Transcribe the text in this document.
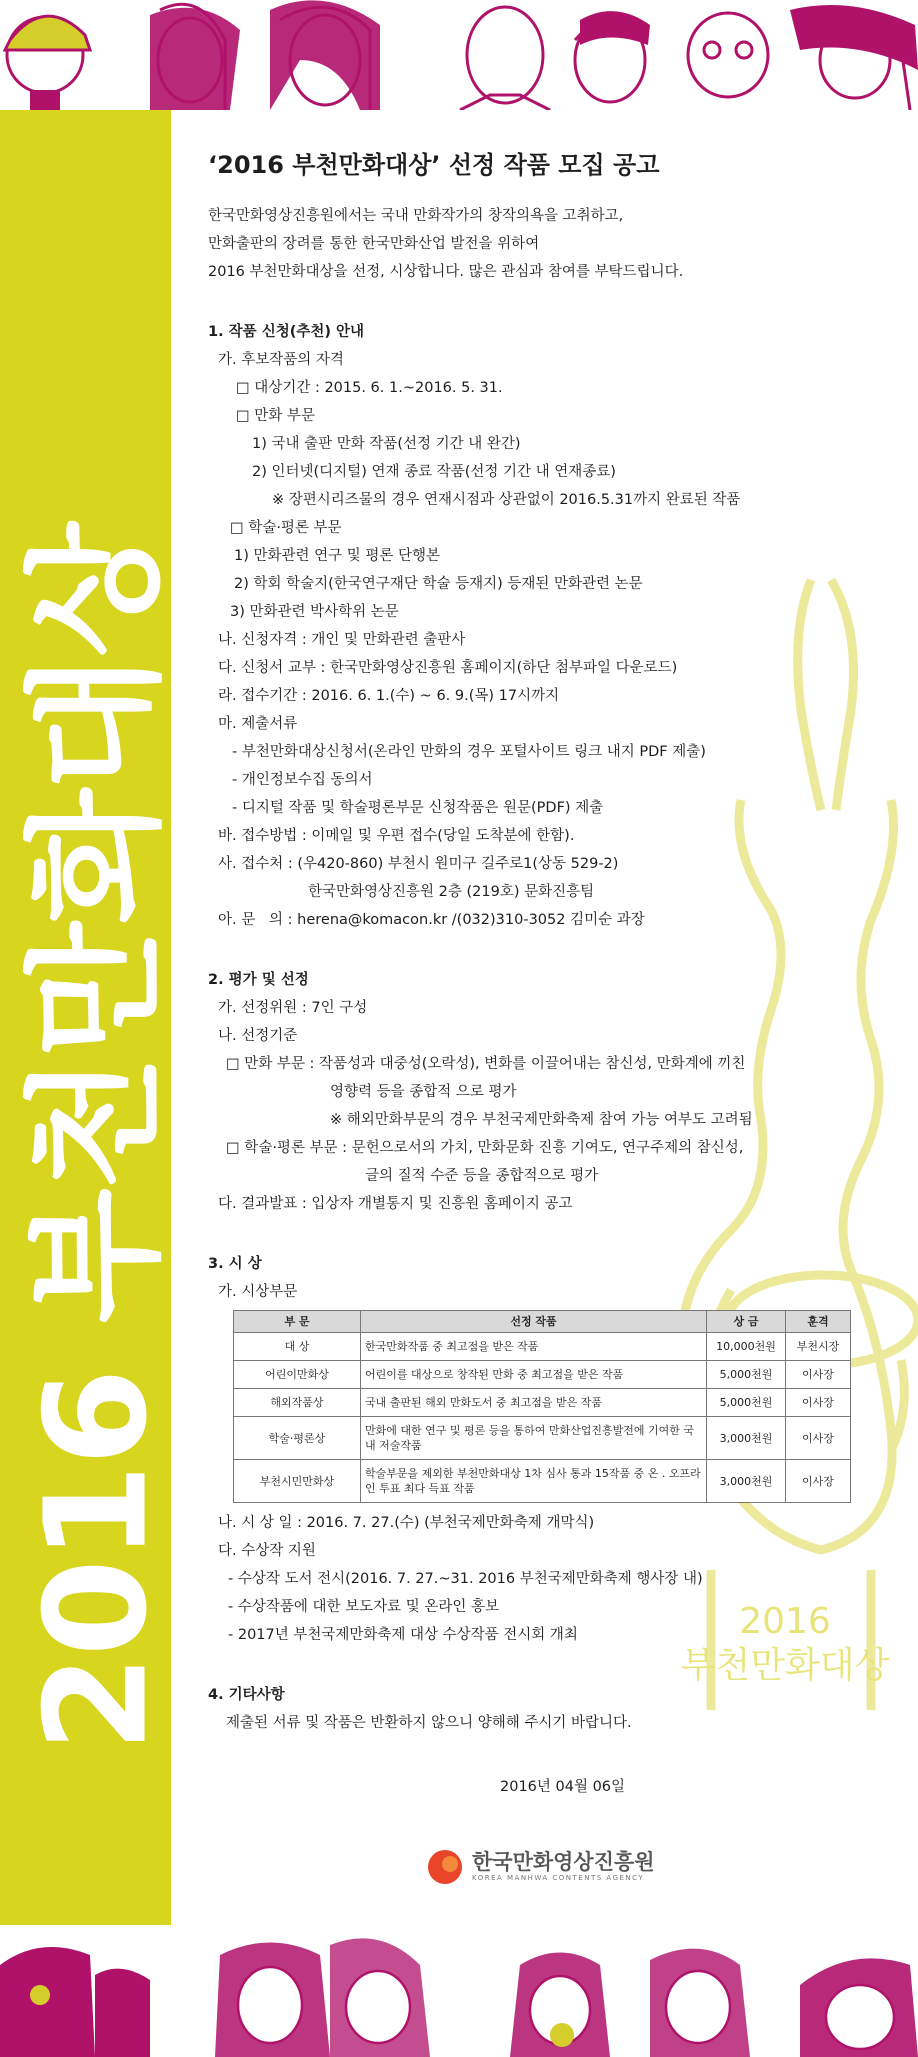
2016 부천만화대상
‘2016 부천만화대상’ 선정 작품 모집 공고
한국만화영상진흥원에서는 국내 만화작가의 창작의욕을 고취하고,
만화출판의 장려를 통한 한국만화산업 발전을 위하여
2016 부천만화대상을 선정, 시상합니다. 많은 관심과 참여를 부탁드립니다.
1. 작품 신청(추천) 안내
가. 후보작품의 자격
□ 대상기간 : 2015. 6. 1.~2016. 5. 31.
□ 만화 부문
1) 국내 출판 만화 작품(선정 기간 내 완간)
2) 인터넷(디지털) 연재 종료 작품(선정 기간 내 연재종료)
※ 장편시리즈물의 경우 연재시점과 상관없이 2016.5.31까지 완료된 작품
□ 학술·평론 부문
1) 만화관련 연구 및 평론 단행본
2) 학회 학술지(한국연구재단 학술 등재지) 등재된 만화관련 논문
3) 만화관련 박사학위 논문
나. 신청자격 : 개인 및 만화관련 출판사
다. 신청서 교부 : 한국만화영상진흥원 홈페이지(하단 첨부파일 다운로드)
라. 접수기간 : 2016. 6. 1.(수) ~ 6. 9.(목) 17시까지
마. 제출서류
- 부천만화대상신청서(온라인 만화의 경우 포털사이트 링크 내지 PDF 제출)
- 개인정보수집 동의서
- 디지털 작품 및 학술평론부문 신청작품은 원문(PDF) 제출
바. 접수방법 : 이메일 및 우편 접수(당일 도착분에 한함).
사. 접수처 : (우420-860) 부천시 원미구 길주로1(상동 529-2)
한국만화영상진흥원 2층 (219호) 문화진흥팀
아. 문   의 : herena@komacon.kr /(032)310-3052 김미순 과장
2. 평가 및 선정
가. 선정위원 : 7인 구성
나. 선정기준
□ 만화 부문 : 작품성과 대중성(오락성), 변화를 이끌어내는 참신성, 만화계에 끼친
영향력 등을 종합적 으로 평가
※ 해외만화부문의 경우 부천국제만화축제 참여 가능 여부도 고려됨
□ 학술·평론 부문 : 문헌으로서의 가치, 만화문화 진흥 기여도, 연구주제의 참신성,
글의 질적 수준 등을 종합적으로 평가
다. 결과발표 : 입상자 개별통지 및 진흥원 홈페이지 공고
3. 시 상
가. 시상부문
부 문	선정 작품	상 금	훈격
대 상	한국만화작품 중 최고점을 받은 작품	10,000천원	부천시장
어린이만화상	어린이를 대상으로 창작된 만화 중 최고점을 받은 작품	5,000천원	이사장
해외작품상	국내 출판된 해외 만화도서 중 최고점을 받은 작품	5,000천원	이사장
학술·평론상	만화에 대한 연구 및 평론 등을 통하여 만화산업진흥발전에 기여한 국내 저술작품	3,000천원	이사장
부천시민만화상	학술부문을 제외한 부천만화대상 1차 심사 통과 15작품 중 온 . 오프라인 투표 최다 득표 작품	3,000천원	이사장
나. 시 상 일 : 2016. 7. 27.(수) (부천국제만화축제 개막식)
다. 수상작 지원
- 수상작 도서 전시(2016. 7. 27.~31. 2016 부천국제만화축제 행사장 내)
- 수상작품에 대한 보도자료 및 온라인 홍보
- 2017년 부천국제만화축제 대상 수상작품 전시회 개최
4. 기타사항
제출된 서류 및 작품은 반환하지 않으니 양해해 주시기 바랍니다.
2016
부천만화대상
2016년 04월 06일
한국만화영상진흥원
KOREA MANHWA CONTENTS AGENCY
